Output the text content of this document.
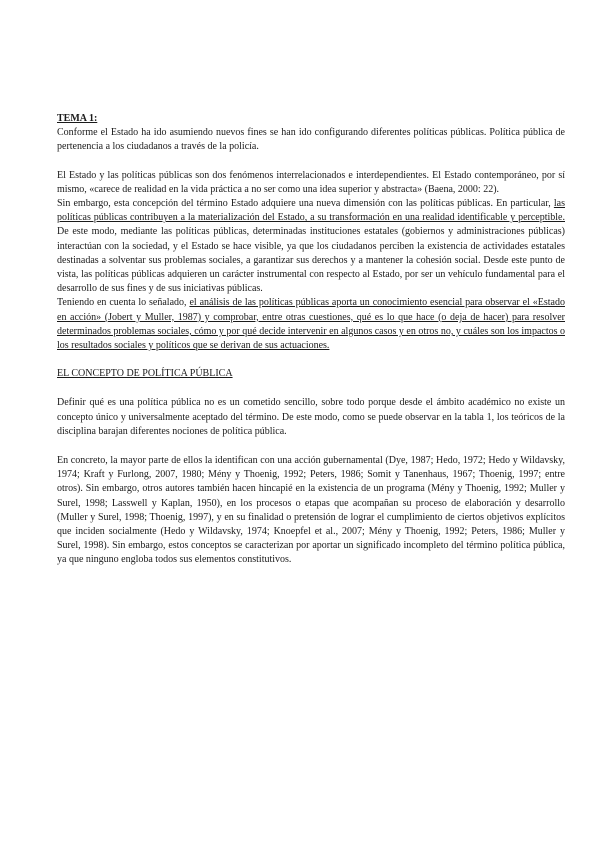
TEMA 1:

Conforme el Estado ha ido asumiendo nuevos fines se han ido configurando diferentes políticas públicas. Política pública de pertenencia a los ciudadanos a través de la policía.

El Estado y las políticas públicas son dos fenómenos interrelacionados e interdependientes. El Estado contemporáneo, por sí mismo, «carece de realidad en la vida práctica a no ser como una idea superior y abstracta» (Baena, 2000: 22).

Sin embargo, esta concepción del término Estado adquiere una nueva dimensión con las políticas públicas. En particular, las políticas públicas contribuyen a la materialización del Estado, a su transformación en una realidad identificable y perceptible. De este modo, mediante las políticas públicas, determinadas instituciones estatales (gobiernos y administraciones públicas) interactúan con la sociedad, y el Estado se hace visible, ya que los ciudadanos perciben la existencia de actividades estatales destinadas a solventar sus problemas sociales, a garantizar sus derechos y a mantener la cohesión social. Desde este punto de vista, las políticas públicas adquieren un carácter instrumental con respecto al Estado, por ser un vehículo fundamental para el desarrollo de sus fines y de sus iniciativas públicas.

Teniendo en cuenta lo señalado, el análisis de las políticas públicas aporta un conocimiento esencial para observar el «Estado en acción» (Jobert y Muller, 1987) y comprobar, entre otras cuestiones, qué es lo que hace (o deja de hacer) para resolver determinados problemas sociales, cómo y por qué decide intervenir en algunos casos y en otros no, y cuáles son los impactos o los resultados sociales y políticos que se derivan de sus actuaciones.

EL CONCEPTO DE POLÍTICA PÚBLICA

Definir qué es una política pública no es un cometido sencillo, sobre todo porque desde el ámbito académico no existe un concepto único y universalmente aceptado del término. De este modo, como se puede observar en la tabla 1, los teóricos de la disciplina barajan diferentes nociones de política pública.

En concreto, la mayor parte de ellos la identifican con una acción gubernamental (Dye, 1987; Hedo, 1972; Hedo y Wildavsky, 1974; Kraft y Furlong, 2007, 1980; Mény y Thoenig, 1992; Peters, 1986; Somit y Tanenhaus, 1967; Thoenig, 1997; entre otros). Sin embargo, otros autores también hacen hincapié en la existencia de un programa (Mény y Thoenig, 1992; Muller y Surel, 1998; Lasswell y Kaplan, 1950), en los procesos o etapas que acompañan su proceso de elaboración y desarrollo (Muller y Surel, 1998; Thoenig, 1997), y en su finalidad o pretensión de lograr el cumplimiento de ciertos objetivos explícitos que inciden socialmente (Hedo y Wildavsky, 1974; Knoepfel et al., 2007; Mény y Thoenig, 1992; Peters, 1986; Muller y Surel, 1998). Sin embargo, estos conceptos se caracterizan por aportar un significado incompleto del término política pública, ya que ninguno engloba todos sus elementos constitutivos.
